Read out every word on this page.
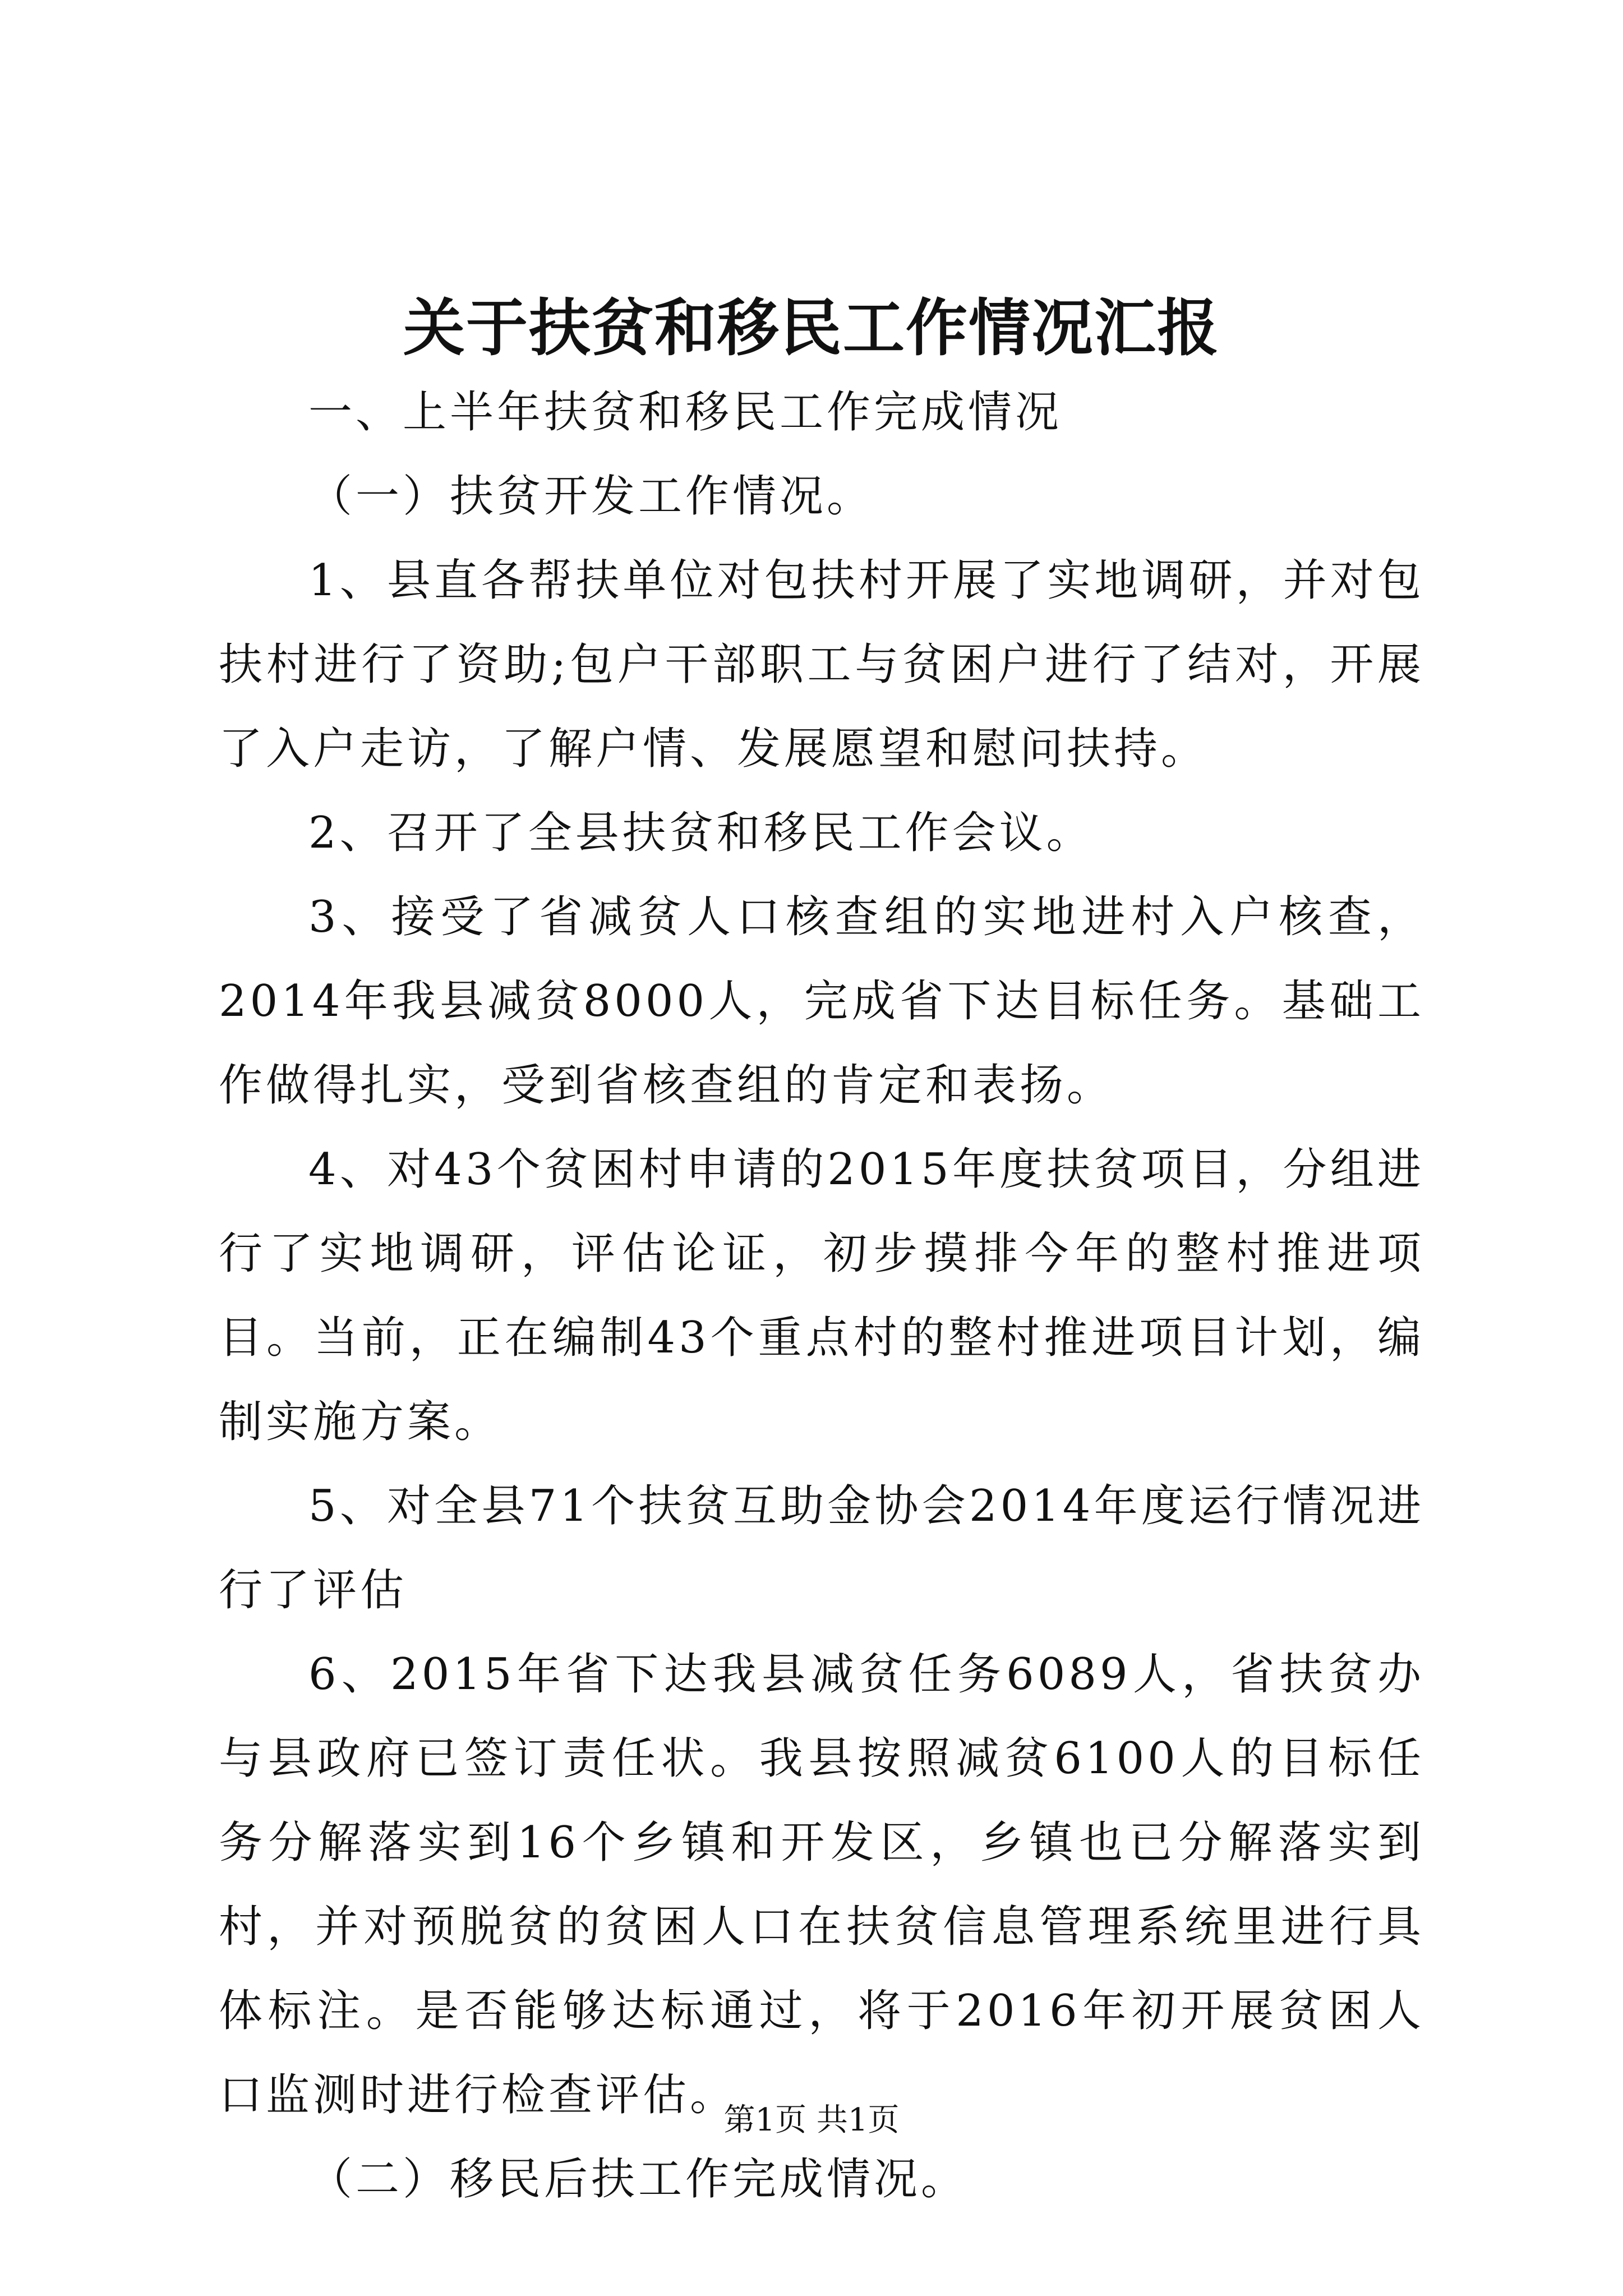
关于扶贫和移民工作情况汇报

一、上半年扶贫和移民工作完成情况

（一）扶贫开发工作情况。

1、县直各帮扶单位对包扶村开展了实地调研，并对包扶村进行了资助;包户干部职工与贫困户进行了结对，开展了入户走访，了解户情、发展愿望和慰问扶持。

2、召开了全县扶贫和移民工作会议。

3、接受了省减贫人口核查组的实地进村入户核查，2014年我县减贫8000人，完成省下达目标任务。基础工作做得扎实，受到省核查组的肯定和表扬。

4、对43个贫困村申请的2015年度扶贫项目，分组进行了实地调研，评估论证，初步摸排今年的整村推进项目。当前，正在编制43个重点村的整村推进项目计划，编制实施方案。

5、对全县71个扶贫互助金协会2014年度运行情况进行了评估

6、2015年省下达我县减贫任务6089人，省扶贫办与县政府已签订责任状。我县按照减贫6100人的目标任务分解落实到16个乡镇和开发区，乡镇也已分解落实到村，并对预脱贫的贫困人口在扶贫信息管理系统里进行具体标注。是否能够达标通过，将于2016年初开展贫困人口监测时进行检查评估。

（二）移民后扶工作完成情况。

第1页 共1页
